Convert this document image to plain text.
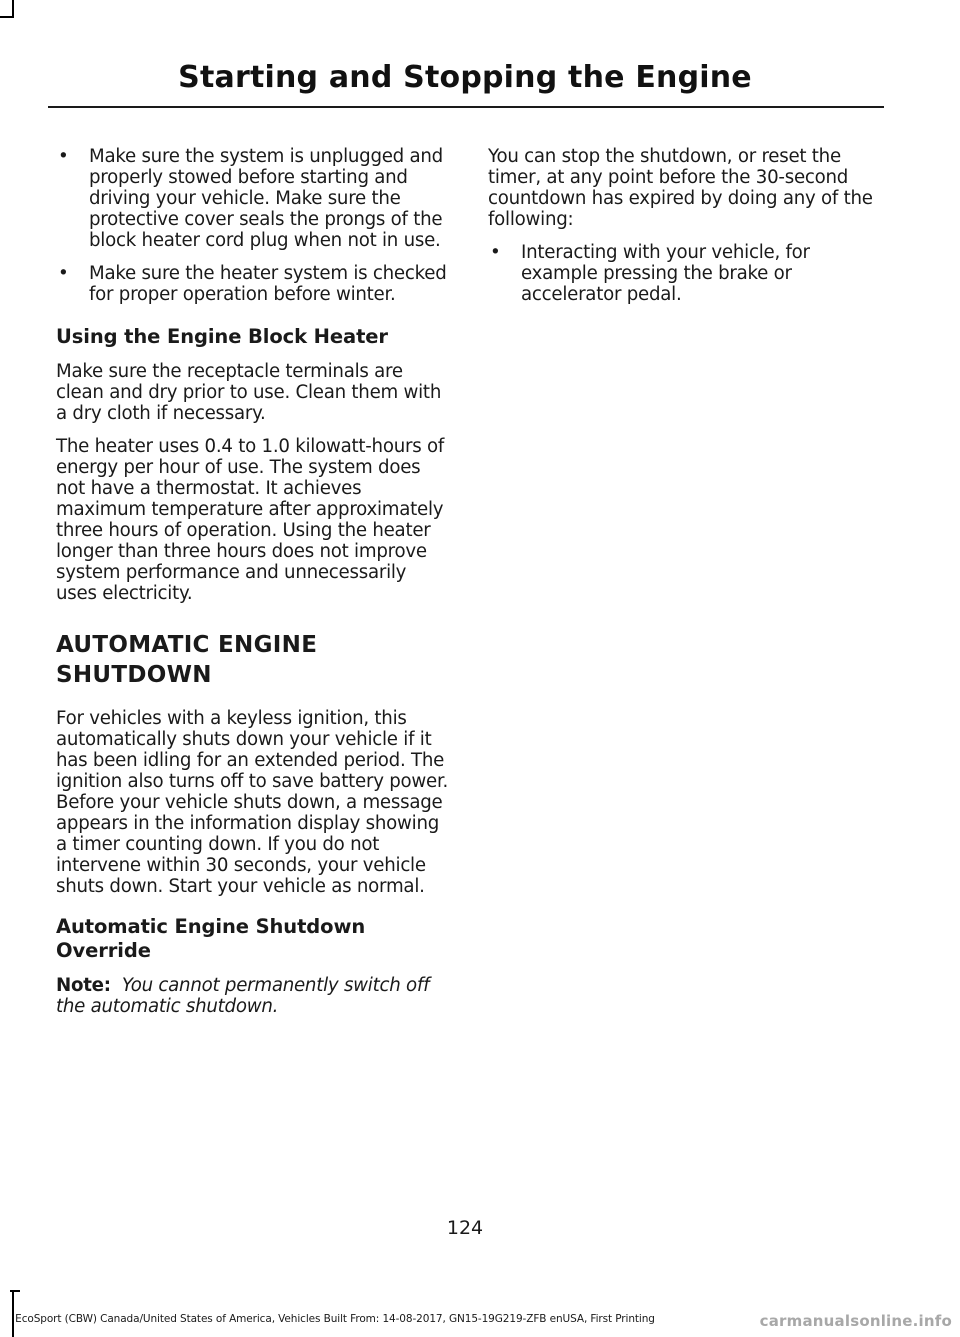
Starting and Stopping the Engine
• Make sure the system is unplugged and properly stowed before starting and driving your vehicle. Make sure the protective cover seals the prongs of the block heater cord plug when not in use.
• Make sure the heater system is checked for proper operation before winter.
Using the Engine Block Heater

Make sure the receptacle terminals are clean and dry prior to use. Clean them with a dry cloth if necessary.

The heater uses 0.4 to 1.0 kilowatt-hours of energy per hour of use. The system does not have a thermostat. It achieves maximum temperature after approximately three hours of operation. Using the heater longer than three hours does not improve system performance and unnecessarily uses electricity.

AUTOMATIC ENGINE SHUTDOWN

For vehicles with a keyless ignition, this automatically shuts down your vehicle if it has been idling for an extended period. The ignition also turns off to save battery power. Before your vehicle shuts down, a message appears in the information display showing a timer counting down. If you do not intervene within 30 seconds, your vehicle shuts down. Start your vehicle as normal.

Automatic Engine Shutdown Override

Note: You cannot permanently switch off the automatic shutdown.

You can stop the shutdown, or reset the timer, at any point before the 30-second countdown has expired by doing any of the following:

• Interacting with your vehicle, for example pressing the brake or accelerator pedal.
124
EcoSport (CBW) Canada/United States of America, Vehicles Built From: 14-08-2017, GN15-19G219-ZFB enUSA, First Printing	carmanualsonline.info
